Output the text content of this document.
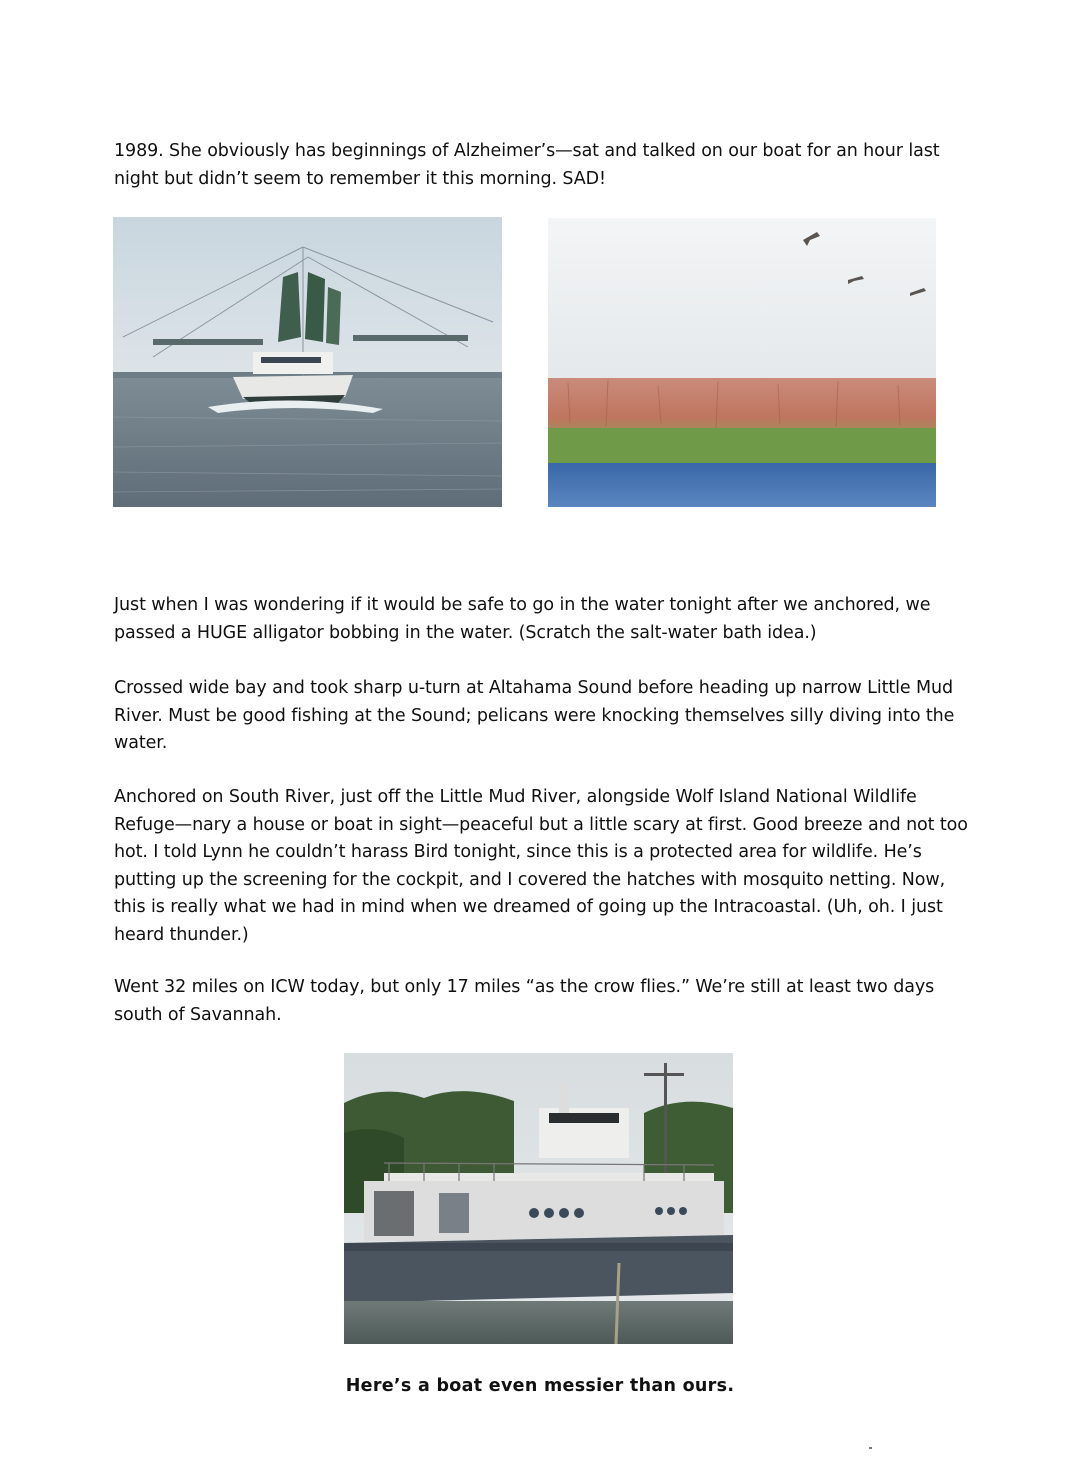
1989. She obviously has beginnings of Alzheimer’s—sat and talked on our boat for an hour last night but didn’t seem to remember it this morning. SAD!

Just when I was wondering if it would be safe to go in the water tonight after we anchored, we passed a HUGE alligator bobbing in the water. (Scratch the salt-water bath idea.)

Crossed wide bay and took sharp u-turn at Altahama Sound before heading up narrow Little Mud River. Must be good fishing at the Sound; pelicans were knocking themselves silly diving into the water.

Anchored on South River, just off the Little Mud River, alongside Wolf Island National Wildlife Refuge—nary a house or boat in sight—peaceful but a little scary at first. Good breeze and not too hot. I told Lynn he couldn’t harass Bird tonight, since this is a protected area for wildlife. He’s putting up the screening for the cockpit, and I covered the hatches with mosquito netting. Now, this is really what we had in mind when we dreamed of going up the Intracoastal. (Uh, oh. I just heard thunder.)

Went 32 miles on ICW today, but only 17 miles “as the crow flies.” We’re still at least two days south of Savannah.

Here’s a boat even messier than ours.
